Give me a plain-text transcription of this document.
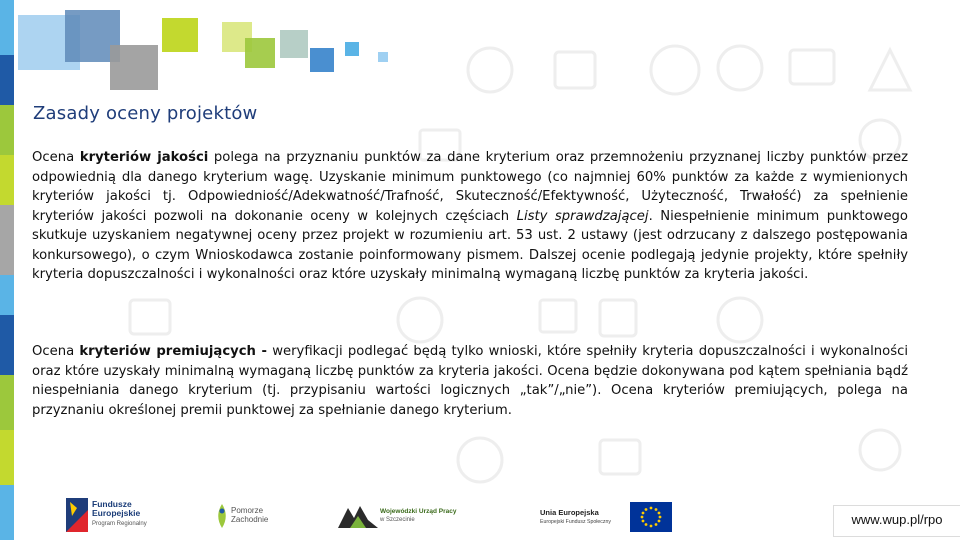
Zasady oceny projektów
Ocena kryteriów jakości polega na przyznaniu punktów za dane kryterium oraz przemnożeniu przyznanej liczby punktów przez odpowiednią dla danego kryterium wagę. Uzyskanie minimum punktowego (co najmniej 60% punktów za każde z wymienionych kryteriów jakości tj. Odpowiedniość/Adekwatność/Trafność, Skuteczność/Efektywność, Użyteczność, Trwałość) za spełnienie kryteriów jakości pozwoli na dokonanie oceny w kolejnych częściach Listy sprawdzającej. Niespełnienie minimum punktowego skutkuje uzyskaniem negatywnej oceny przez projekt w rozumieniu art. 53 ust. 2 ustawy (jest odrzucany z dalszego postępowania konkursowego), o czym Wnioskodawca zostanie poinformowany pismem. Dalszej ocenie podlegają jedynie projekty, które spełniły kryteria dopuszczalności i wykonalności oraz które uzyskały minimalną wymaganą liczbę punktów za kryteria jakości.
Ocena kryteriów premiujących - weryfikacji podlegać będą tylko wnioski, które spełniły kryteria dopuszczalności i wykonalności oraz które uzyskały minimalną wymaganą liczbę punktów za kryteria jakości. Ocena będzie dokonywana pod kątem spełniania bądź niespełniania danego kryterium (tj. przypisaniu wartości logicznych „tak”/„nie”). Ocena kryteriów premiujących, polega na przyznaniu określonej premii punktowej za spełnianie danego kryterium.
Fundusze
Europejskie
Program Regionalny
Pomorze
Zachodnie
Wojewódzki Urząd Pracy
w Szczecinie
Unia Europejska
Europejski Fundusz Społeczny	www.wup.pl/rpo
